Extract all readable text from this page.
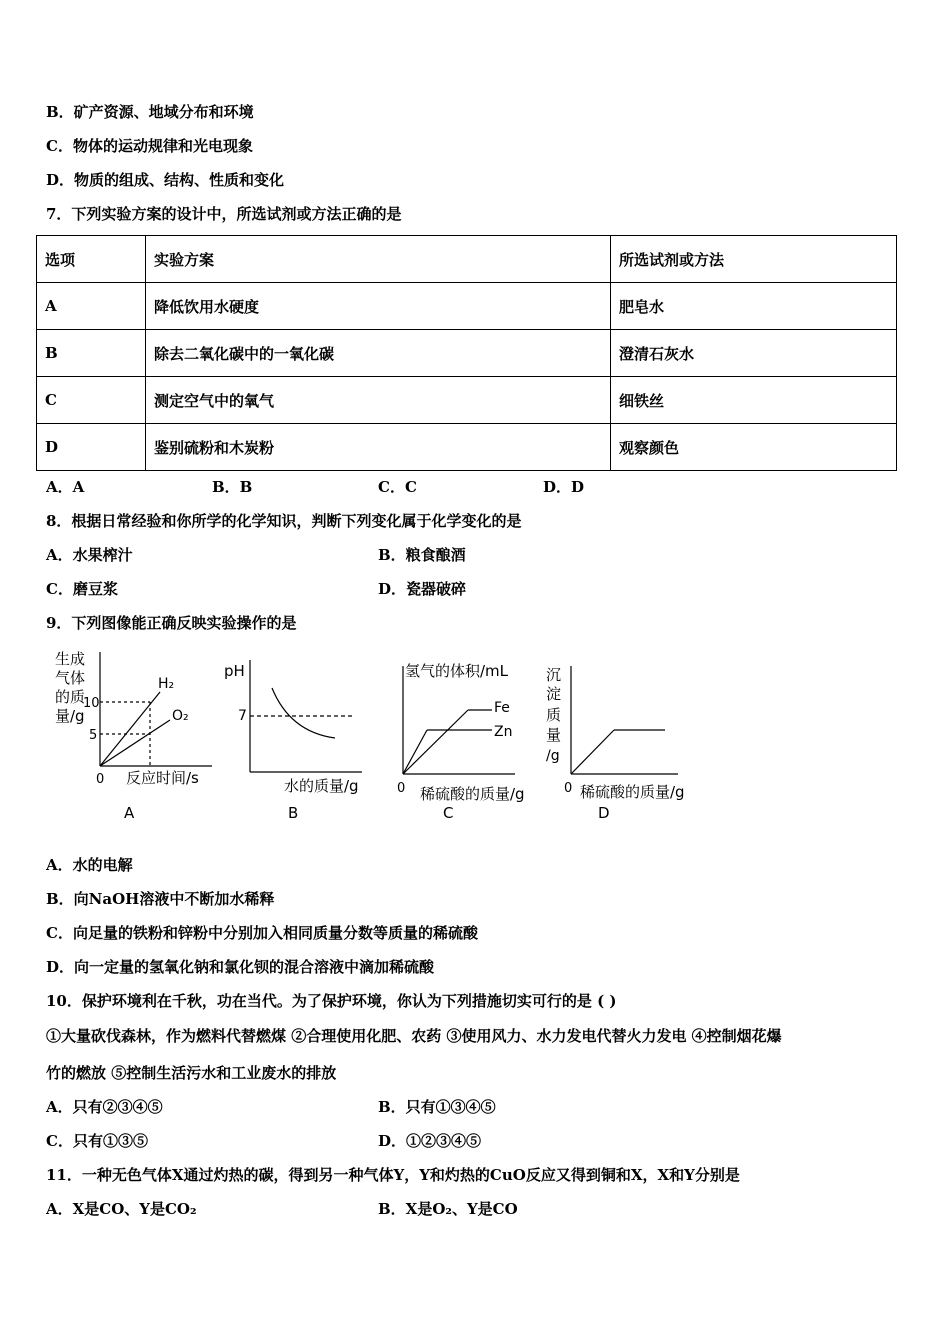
B．矿产资源、地域分布和环境
C．物体的运动规律和光电现象
D．物质的组成、结构、性质和变化
7．下列实验方案的设计中，所选试剂或方法正确的是
选项	实验方案	所选试剂或方法
A	降低饮用水硬度	肥皂水
B	除去二氧化碳中的一氧化碳	澄清石灰水
C	测定空气中的氧气	细铁丝
D	鉴别硫粉和木炭粉	观察颜色
A．A	B．B	C．C	D．D
8．根据日常经验和你所学的化学知识，判断下列变化属于化学变化的是
A．水果榨汁	B．粮食酿酒
C．磨豆浆	D．瓷器破碎
9．下列图像能正确反映实验操作的是
生成
气体
的质
量/g
10
5
0
H₂
O₂
反应时间/s
A
pH
7
水的质量/g
B
氢气的体积/mL
Fe
Zn
0 稀硫酸的质量/g
C
沉
淀
质
量
/g
0 稀硫酸的质量/g
D
A．水的电解
B．向NaOH溶液中不断加水稀释
C．向足量的铁粉和锌粉中分别加入相同质量分数等质量的稀硫酸
D．向一定量的氢氧化钠和氯化钡的混合溶液中滴加稀硫酸
10．保护环境利在千秋，功在当代。为了保护环境，你认为下列措施切实可行的是 ( )
①大量砍伐森林，作为燃料代替燃煤 ②合理使用化肥、农药 ③使用风力、水力发电代替火力发电 ④控制烟花爆
竹的燃放 ⑤控制生活污水和工业废水的排放
A．只有②③④⑤	B．只有①③④⑤
C．只有①③⑤	D．①②③④⑤
11．一种无色气体X通过灼热的碳，得到另一种气体Y，Y和灼热的CuO反应又得到铜和X，X和Y分别是
A．X是CO、Y是CO₂	B．X是O₂、Y是CO
